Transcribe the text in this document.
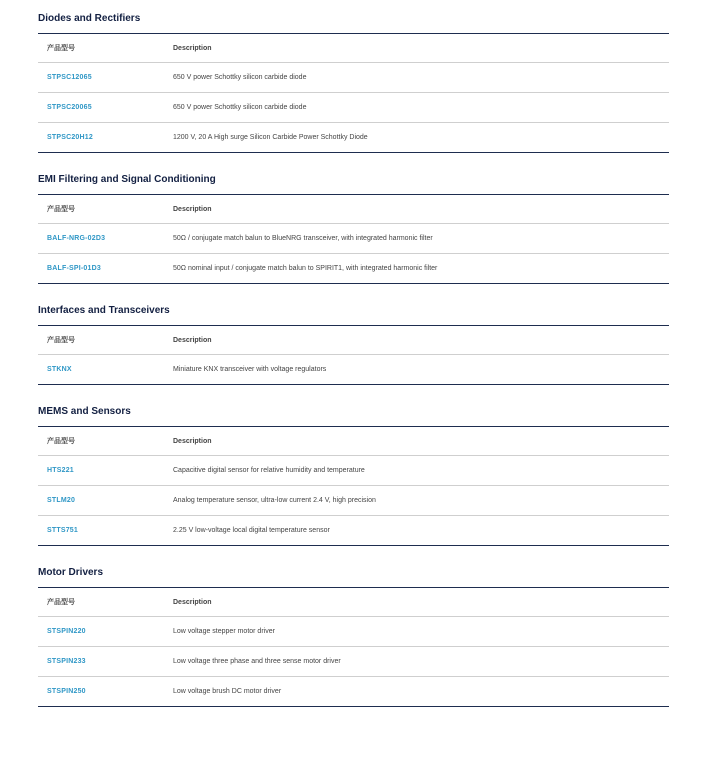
Diodes and Rectifiers
产品型号	Description
STPSC12065	650 V power Schottky silicon carbide diode
STPSC20065	650 V power Schottky silicon carbide diode
STPSC20H12	1200 V, 20 A High surge Silicon Carbide Power Schottky Diode
EMI Filtering and Signal Conditioning
产品型号	Description
BALF-NRG-02D3	50Ω / conjugate match balun to BlueNRG transceiver, with integrated harmonic filter
BALF-SPI-01D3	50Ω nominal input / conjugate match balun to SPIRIT1, with integrated harmonic filter
Interfaces and Transceivers
产品型号	Description
STKNX	Miniature KNX transceiver with voltage regulators
MEMS and Sensors
产品型号	Description
HTS221	Capacitive digital sensor for relative humidity and temperature
STLM20	Analog temperature sensor, ultra-low current 2.4 V, high precision
STTS751	2.25 V low-voltage local digital temperature sensor
Motor Drivers
产品型号	Description
STSPIN220	Low voltage stepper motor driver
STSPIN233	Low voltage three phase and three sense motor driver
STSPIN250	Low voltage brush DC motor driver
